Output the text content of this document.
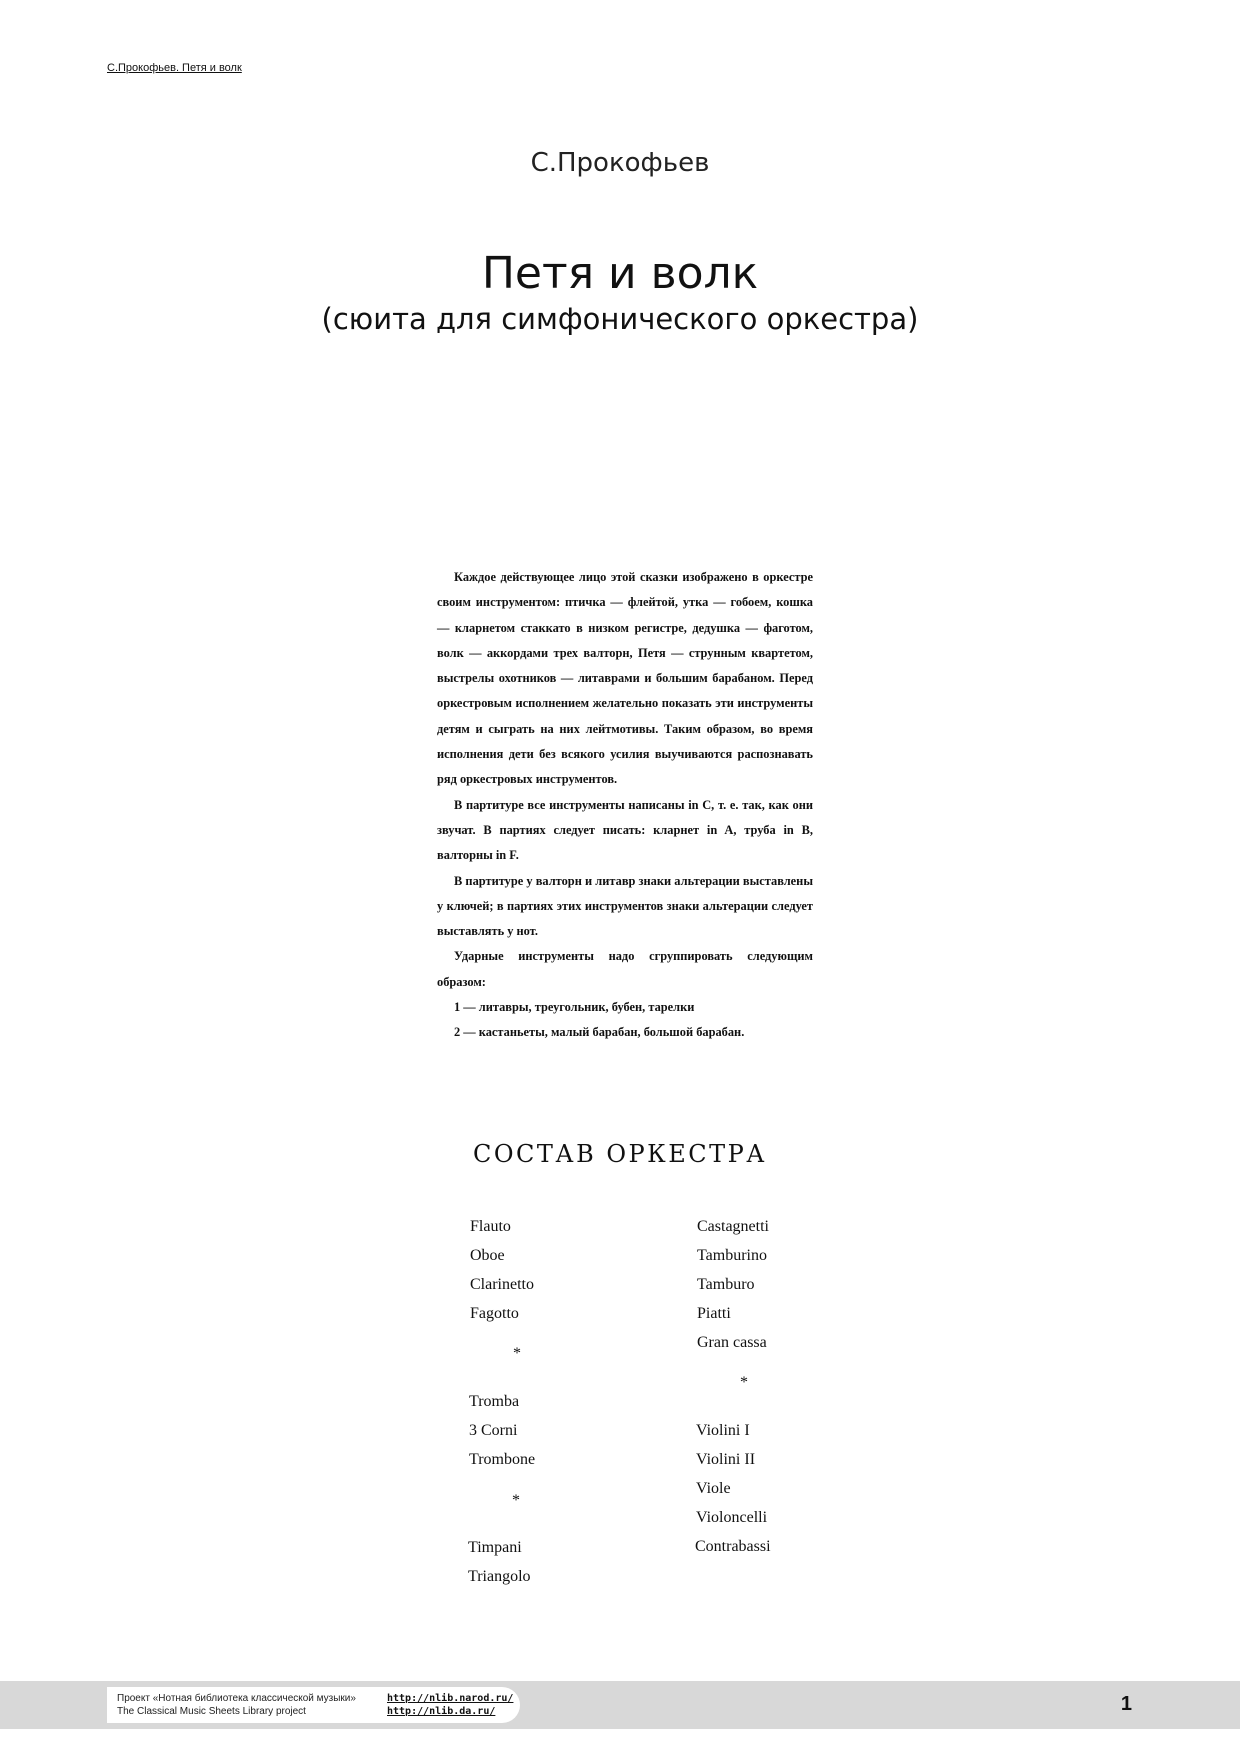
С.Прокофьев. Петя и волк
С.Прокофьев
Петя и волк
(сюита для симфонического оркестра)

Каждое действующее лицо этой сказки изображено в оркестре своим инструментом: птичка — флейтой, утка — гобоем, кошка — кларнетом стаккато в низком регистре, дедушка — фаготом, волк — аккордами трех валторн, Петя — струнным квартетом, выстрелы охотников — литаврами и большим барабаном. Перед оркестровым исполнением желательно показать эти инструменты детям и сыграть на них лейтмотивы. Таким образом, во время исполнения дети без всякого усилия выучиваются распознавать ряд оркестровых инструментов.

В партитуре все инструменты написаны in C, т. е. так, как они звучат. В партиях следует писать: кларнет in A, труба in B, валторны in F.

В партитуре у валторн и литавр знаки альтерации выставлены у ключей; в партиях этих инструментов знаки альтерации следует выставлять у нот.

Ударные инструменты надо сгруппировать следующим образом:

1 — литавры, треугольник, бубен, тарелки
2 — кастаньеты, малый барабан, большой барабан.
СОСТАВ ОРКЕСТРА
Flauto
Oboe
Clarinetto
Fagotto
*
Tromba
3 Corni
Trombone
*
Timpani
Triangolo
Castagnetti
Tamburino
Tamburo
Piatti
Gran cassa
*
Violini I
Violini II
Viole
Violoncelli
Contrabassi
Проект «Нотная библиотека классической музыки»
The Classical Music Sheets Library project
http://nlib.narod.ru/
http://nlib.da.ru/	1
